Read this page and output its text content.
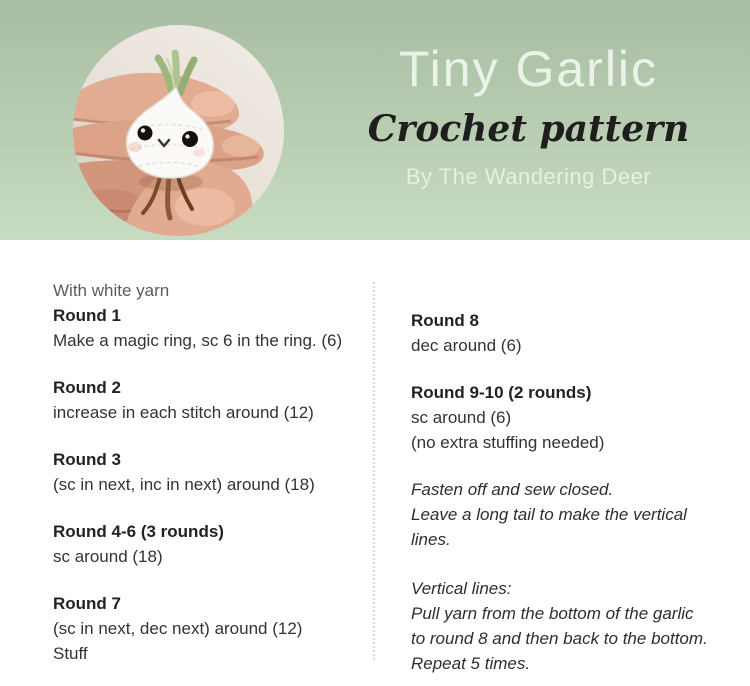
Tiny Garlic
Crochet pattern
By The Wandering Deer
With white yarn
Round 1
Make a magic ring, sc 6 in the ring. (6)
Round 2
increase in each stitch around (12)
Round 3
(sc in next, inc in next) around (18)
Round 4-6 (3 rounds)
sc around (18)
Round 7
(sc in next, dec next) around (12)
Stuff
Round 8
dec around (6)
Round 9-10 (2 rounds)
sc around (6)
(no extra stuffing needed)
Fasten off and sew closed.
Leave a long tail to make the vertical
lines.
Vertical lines:
Pull yarn from the bottom of the garlic
to round 8 and then back to the bottom.
Repeat 5 times.
